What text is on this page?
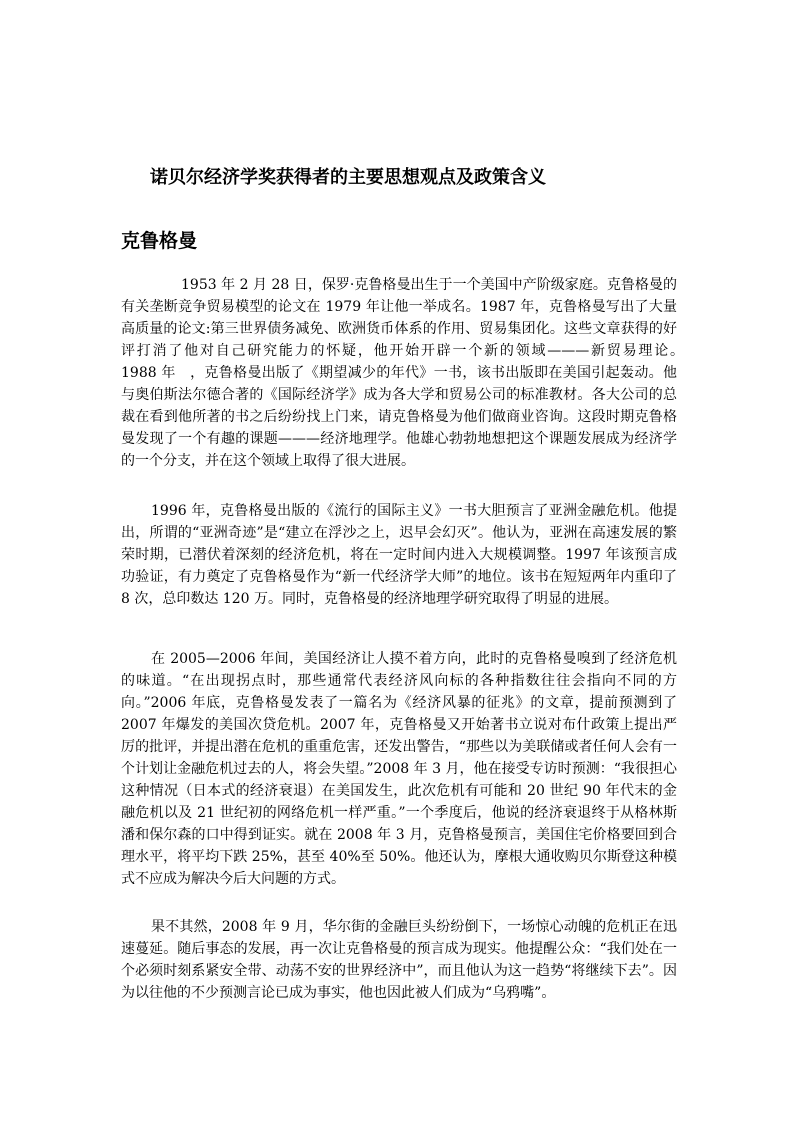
诺贝尔经济学奖获得者的主要思想观点及政策含义
克鲁格曼

1953 年 2 月 28 日，保罗·克鲁格曼出生于一个美国中产阶级家庭。克鲁格曼的有关垄断竞争贸易模型的论文在 1979 年让他一举成名。1987 年，克鲁格曼写出了大量高质量的论文:第三世界债务减免、欧洲货币体系的作用、贸易集团化。这些文章获得的好评打消了他对自己研究能力的怀疑，他开始开辟一个新的领域———新贸易理论。　　1988 年　，克鲁格曼出版了《期望减少的年代》一书，该书出版即在美国引起轰动。他与奥伯斯法尔德合著的《国际经济学》成为各大学和贸易公司的标准教材。各大公司的总裁在看到他所著的书之后纷纷找上门来，请克鲁格曼为他们做商业咨询。这段时期克鲁格曼发现了一个有趣的课题———经济地理学。他雄心勃勃地想把这个课题发展成为经济学的一个分支，并在这个领域上取得了很大进展。

1996 年，克鲁格曼出版的《流行的国际主义》一书大胆预言了亚洲金融危机。他提出，所谓的“亚洲奇迹”是“建立在浮沙之上，迟早会幻灭”。他认为，亚洲在高速发展的繁荣时期，已潜伏着深刻的经济危机，将在一定时间内进入大规模调整。1997 年该预言成功验证，有力奠定了克鲁格曼作为“新一代经济学大师”的地位。该书在短短两年内重印了 8 次，总印数达 120 万。同时，克鲁格曼的经济地理学研究取得了明显的进展。

在 2005—2006 年间，美国经济让人摸不着方向，此时的克鲁格曼嗅到了经济危机的味道。“在出现拐点时，那些通常代表经济风向标的各种指数往往会指向不同的方向。”2006 年底，克鲁格曼发表了一篇名为《经济风暴的征兆》的文章，提前预测到了 2007 年爆发的美国次贷危机。2007 年，克鲁格曼又开始著书立说对布什政策上提出严厉的批评，并提出潜在危机的重重危害，还发出警告，“那些以为美联储或者任何人会有一个计划让金融危机过去的人，将会失望。”2008 年 3 月，他在接受专访时预测：“我很担心这种情况（日本式的经济衰退）在美国发生，此次危机有可能和 20 世纪 90 年代末的金融危机以及 21 世纪初的网络危机一样严重。”一个季度后，他说的经济衰退终于从格林斯潘和保尔森的口中得到证实。就在 2008 年 3 月，克鲁格曼预言，美国住宅价格要回到合理水平，将平均下跌 25%，甚至 40%至 50%。他还认为，摩根大通收购贝尔斯登这种模式不应成为解决今后大问题的方式。

果不其然，2008 年 9 月，华尔街的金融巨头纷纷倒下，一场惊心动魄的危机正在迅速蔓延。随后事态的发展，再一次让克鲁格曼的预言成为现实。他提醒公众：“我们处在一个必须时刻系紧安全带、动荡不安的世界经济中”，而且他认为这一趋势“将继续下去”。因为以往他的不少预测言论已成为事实，他也因此被人们成为“乌鸦嘴”。
